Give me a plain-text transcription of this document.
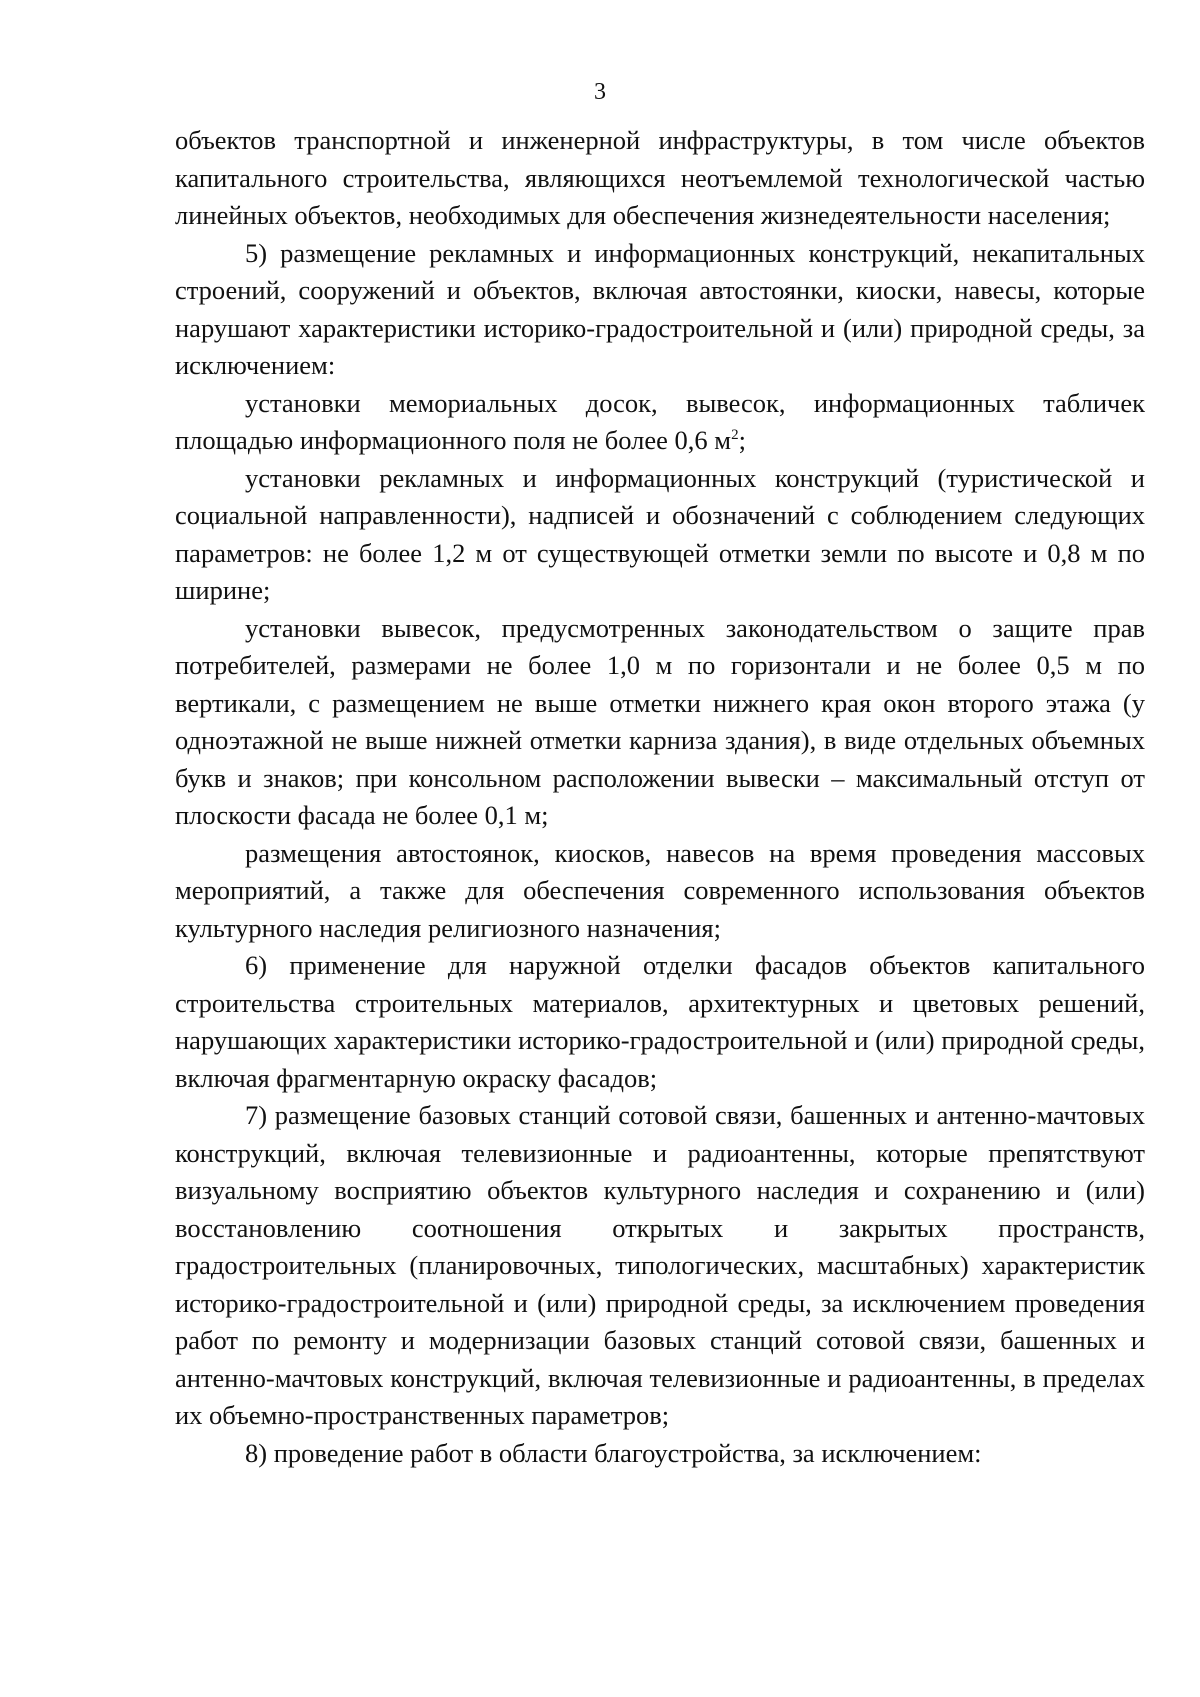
3

объектов транспортной и инженерной инфраструктуры, в том числе объектов капитального строительства, являющихся неотъемлемой технологической частью линейных объектов, необходимых для обеспечения жизнедеятельности населения;

5) размещение рекламных и информационных конструкций, некапитальных строений, сооружений и объектов, включая автостоянки, киоски, навесы, которые нарушают характеристики историко-градостроительной и (или) природной среды, за исключением:

установки мемориальных досок, вывесок, информационных табличек площадью информационного поля не более 0,6 $м^2$;

установки рекламных и информационных конструкций (туристической и социальной направленности), надписей и обозначений с соблюдением следующих параметров: не более 1,2 м от существующей отметки земли по высоте и 0,8 м по ширине;

установки вывесок, предусмотренных законодательством о защите прав потребителей, размерами не более 1,0 м по горизонтали и не более 0,5 м по вертикали, с размещением не выше отметки нижнего края окон второго этажа (у одноэтажной не выше нижней отметки карниза здания), в виде отдельных объемных букв и знаков; при консольном расположении вывески – максимальный отступ от плоскости фасада не более 0,1 м;

размещения автостоянок, киосков, навесов на время проведения массовых мероприятий, а также для обеспечения современного использования объектов культурного наследия религиозного назначения;

6) применение для наружной отделки фасадов объектов капитального строительства строительных материалов, архитектурных и цветовых решений, нарушающих характеристики историко-градостроительной и (или) природной среды, включая фрагментарную окраску фасадов;

7) размещение базовых станций сотовой связи, башенных и антенно-мачтовых конструкций, включая телевизионные и радиоантенны, которые препятствуют визуальному восприятию объектов культурного наследия и сохранению и (или) восстановлению соотношения открытых и закрытых пространств, градостроительных (планировочных, типологических, масштабных) характеристик историко-градостроительной и (или) природной среды, за исключением проведения работ по ремонту и модернизации базовых станций сотовой связи, башенных и антенно-мачтовых конструкций, включая телевизионные и радиоантенны, в пределах их объемно-пространственных параметров;

8) проведение работ в области благоустройства, за исключением:
